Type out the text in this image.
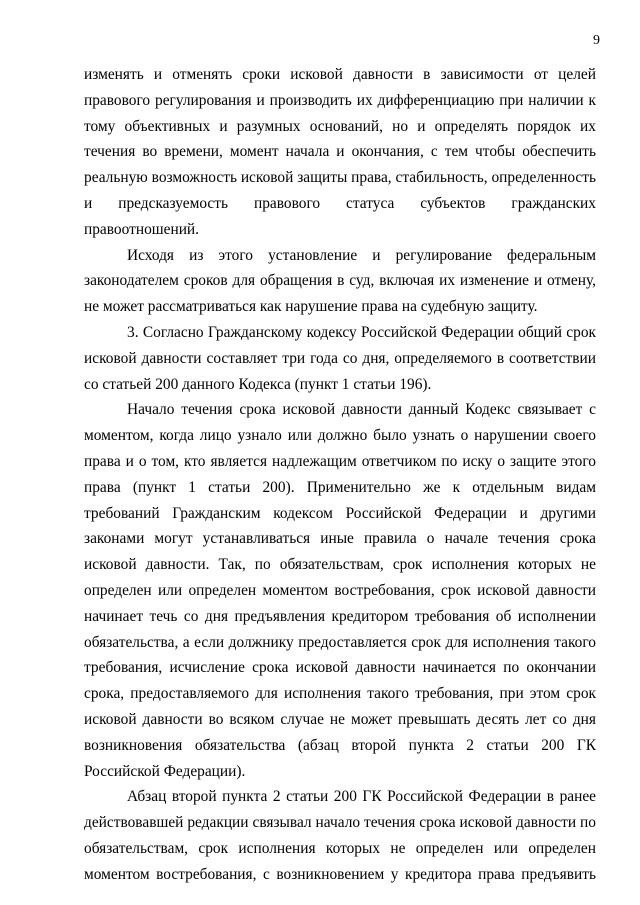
9

изменять и отменять сроки исковой давности в зависимости от целей правового регулирования и производить их дифференциацию при наличии к тому объективных и разумных оснований, но и определять порядок их течения во времени, момент начала и окончания, с тем чтобы обеспечить реальную возможность исковой защиты права, стабильность, определенность и предсказуемость правового статуса субъектов гражданских правоотношений.

Исходя из этого установление и регулирование федеральным законодателем сроков для обращения в суд, включая их изменение и отмену, не может рассматриваться как нарушение права на судебную защиту.

3. Согласно Гражданскому кодексу Российской Федерации общий срок исковой давности составляет три года со дня, определяемого в соответствии со статьей 200 данного Кодекса (пункт 1 статьи 196).

Начало течения срока исковой давности данный Кодекс связывает с моментом, когда лицо узнало или должно было узнать о нарушении своего права и о том, кто является надлежащим ответчиком по иску о защите этого права (пункт 1 статьи 200). Применительно же к отдельным видам требований Гражданским кодексом Российской Федерации и другими законами могут устанавливаться иные правила о начале течения срока исковой давности. Так, по обязательствам, срок исполнения которых не определен или определен моментом востребования, срок исковой давности начинает течь со дня предъявления кредитором требования об исполнении обязательства, а если должнику предоставляется срок для исполнения такого требования, исчисление срока исковой давности начинается по окончании срока, предоставляемого для исполнения такого требования, при этом срок исковой давности во всяком случае не может превышать десять лет со дня возникновения обязательства (абзац второй пункта 2 статьи 200 ГК Российской Федерации).

Абзац второй пункта 2 статьи 200 ГК Российской Федерации в ранее действовавшей редакции связывал начало течения срока исковой давности по обязательствам, срок исполнения которых не определен или определен моментом востребования, с возникновением у кредитора права предъявить
